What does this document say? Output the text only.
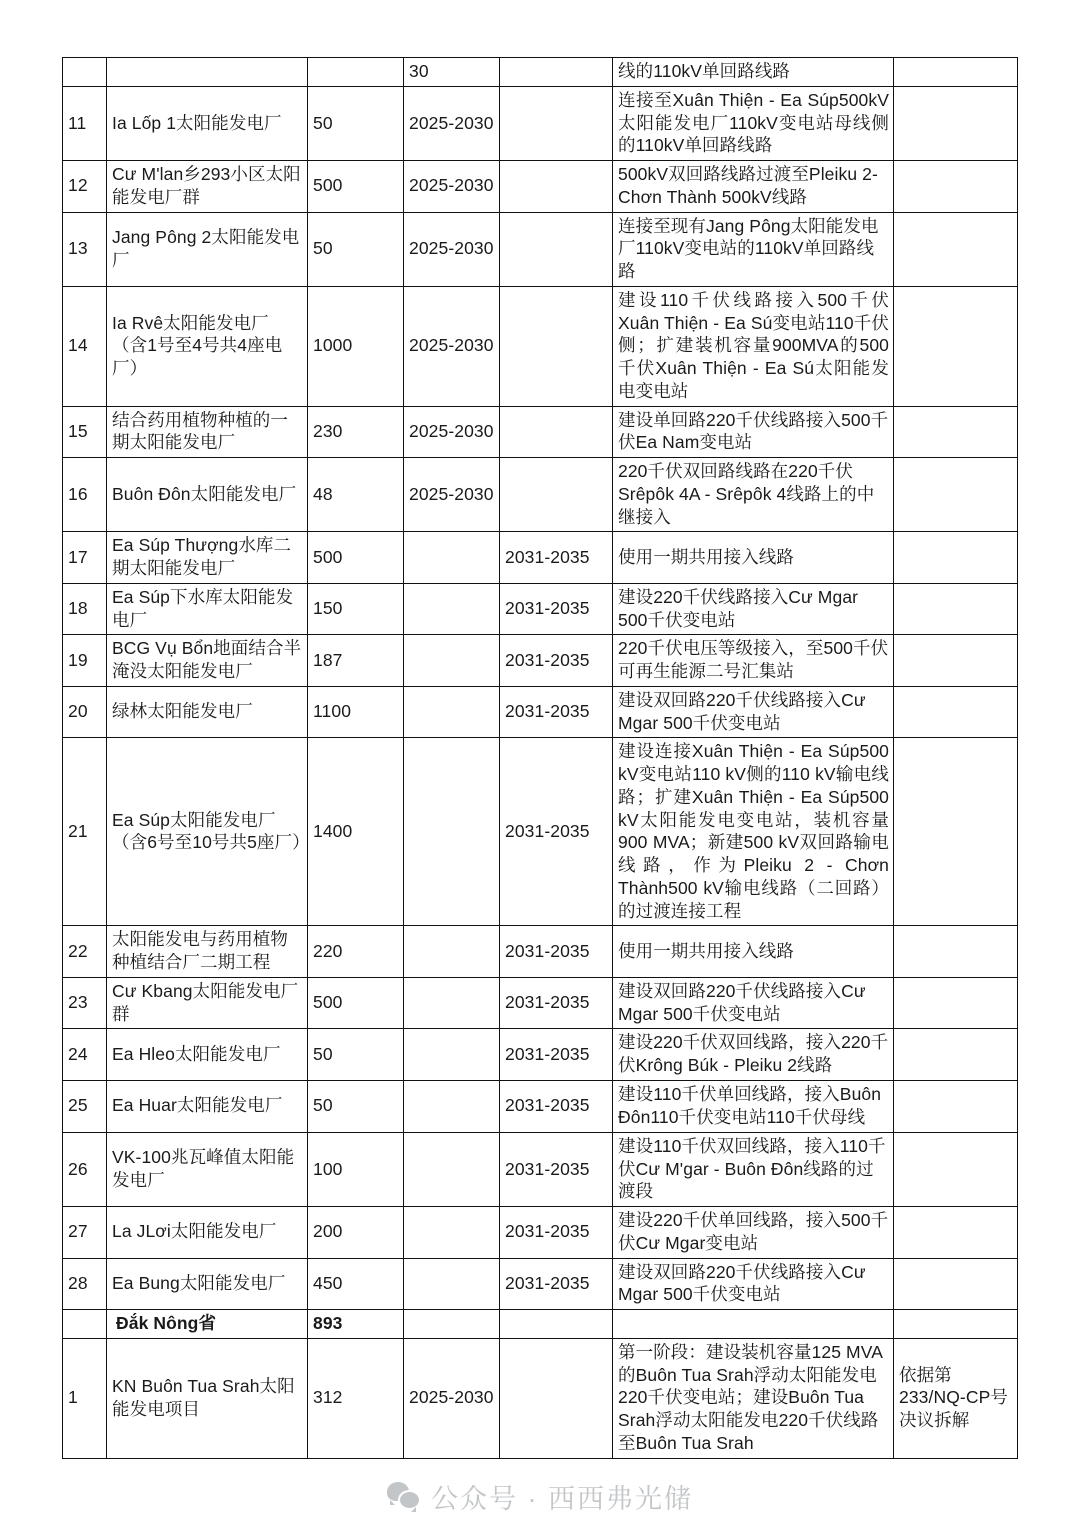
			30		线的110kV单回路线路	
11	Ia Lốp 1太阳能发电厂	50	2025-2030		连接至Xuân Thiện - Ea Súp500kV太阳能发电厂110kV变电站母线侧的110kV单回路线路	
12	Cư M'lan乡293小区太阳能发电厂群	500	2025-2030		500kV双回路线路过渡至Pleiku 2-Chơn Thành 500kV线路	
13	Jang Pông 2太阳能发电厂	50	2025-2030		连接至现有Jang Pông太阳能发电厂110kV变电站的110kV单回路线路	
14	Ia Rvê太阳能发电厂（含1号至4号共4座电厂）	1000	2025-2030		建设110千伏线路接入500千伏Xuân Thiện - Ea Sú变电站110千伏侧；扩建装机容量900MVA的500千伏Xuân Thiện - Ea Sú太阳能发电变电站	
15	结合药用植物种植的一期太阳能发电厂	230	2025-2030		建设单回路220千伏线路接入500千伏Ea Nam变电站	
16	Buôn Đôn太阳能发电厂	48	2025-2030		220千伏双回路线路在220千伏Srêpôk 4A - Srêpôk 4线路上的中继接入	
17	Ea Súp Thượng水库二期太阳能发电厂	500		2031-2035	使用一期共用接入线路	
18	Ea Súp下水库太阳能发电厂	150		2031-2035	建设220千伏线路接入Cư Mgar 500千伏变电站	
19	BCG Vụ Bổn地面结合半淹没太阳能发电厂	187		2031-2035	220千伏电压等级接入，至500千伏可再生能源二号汇集站	
20	绿林太阳能发电厂	1100		2031-2035	建设双回路220千伏线路接入Cư Mgar 500千伏变电站	
21	Ea Súp太阳能发电厂（含6号至10号共5座厂）	1400		2031-2035	建设连接Xuân Thiện - Ea Súp500 kV变电站110 kV侧的110 kV输电线路；扩建Xuân Thiện - Ea Súp500 kV太阳能发电变电站，装机容量900 MVA；新建500 kV双回路输电线路，作为Pleiku 2 - Chơn Thành500 kV输电线路（二回路）的过渡连接工程	
22	太阳能发电与药用植物种植结合厂二期工程	220		2031-2035	使用一期共用接入线路	
23	Cư Kbang太阳能发电厂群	500		2031-2035	建设双回路220千伏线路接入Cư Mgar 500千伏变电站	
24	Ea Hleo太阳能发电厂	50		2031-2035	建设220千伏双回线路，接入220千伏Krông Búk - Pleiku 2线路	
25	Ea Huar太阳能发电厂	50		2031-2035	建设110千伏单回线路，接入Buôn Đôn110千伏变电站110千伏母线	
26	VK-100兆瓦峰值太阳能发电厂	100		2031-2035	建设110千伏双回线路，接入110千伏Cư M'gar - Buôn Đôn线路的过渡段	
27	La JLơi太阳能发电厂	200		2031-2035	建设220千伏单回线路，接入500千伏Cư Mgar变电站	
28	Ea Bung太阳能发电厂	450		2031-2035	建设双回路220千伏线路接入Cư Mgar 500千伏变电站	
	Đắk Nông省	893				
1	KN Buôn Tua Srah太阳能发电项目	312	2025-2030		第一阶段：建设装机容量125 MVA的Buôn Tua Srah浮动太阳能发电220千伏变电站；建设Buôn Tua Srah浮动太阳能发电220千伏线路至Buôn Tua Srah	依据第233/NQ-CP号决议拆解
公众号 · 西西弗光储
